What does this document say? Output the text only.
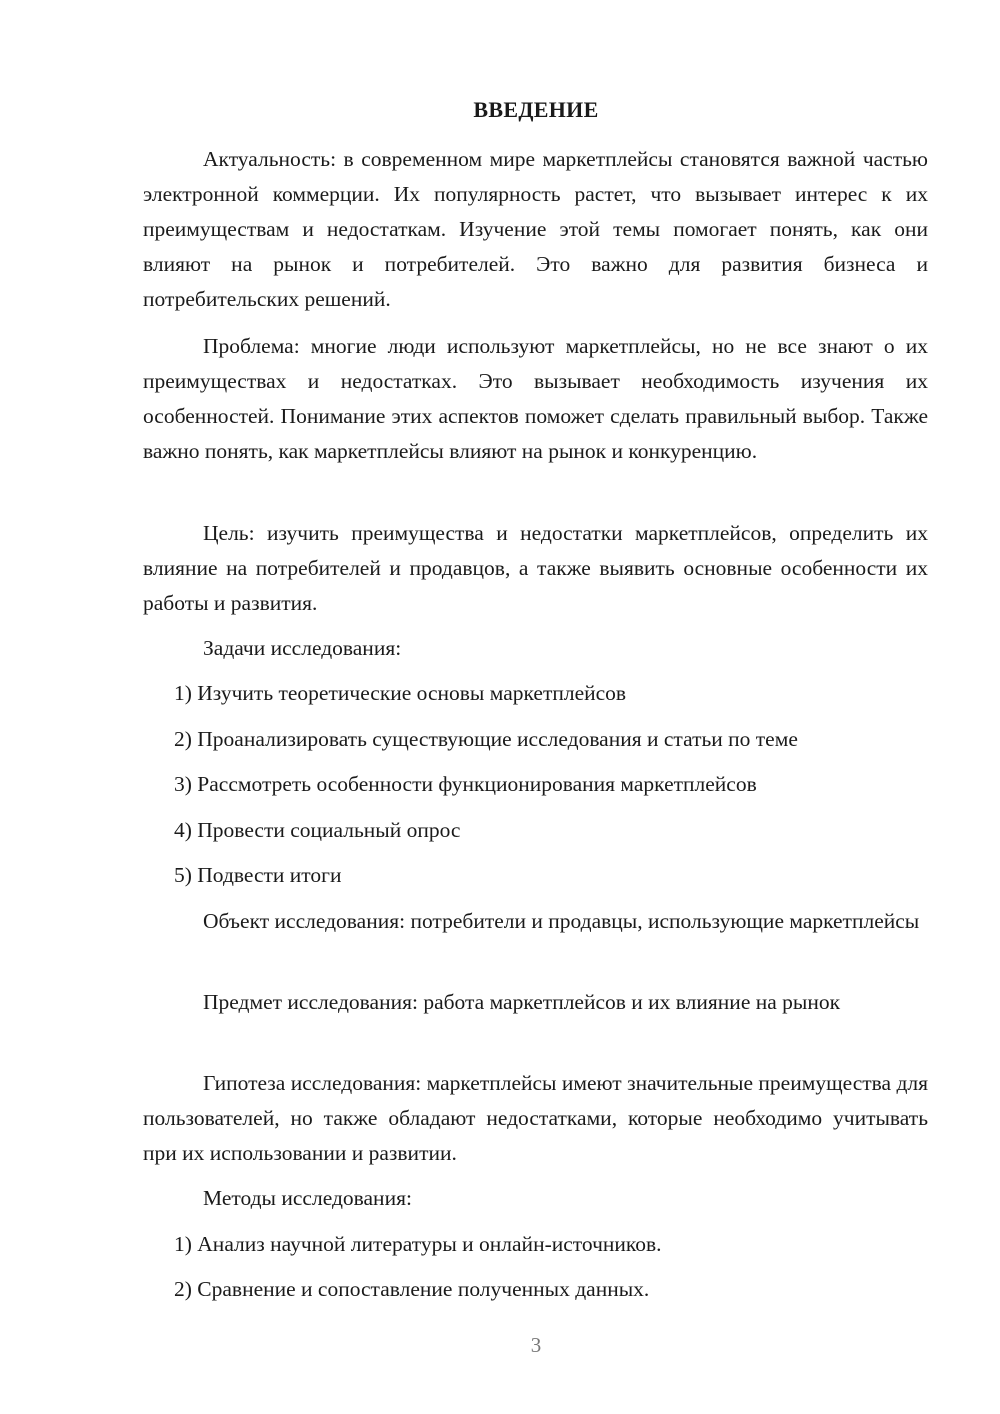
ВВЕДЕНИЕ
Актуальность: в современном мире маркетплейсы становятся важной частью электронной коммерции. Их популярность растет, что вызывает интерес к их преимуществам и недостаткам. Изучение этой темы помогает понять, как они влияют на рынок и потребителей. Это важно для развития бизнеса и потребительских решений.
Проблема: многие люди используют маркетплейсы, но не все знают о их преимуществах и недостатках. Это вызывает необходимость изучения их особенностей. Понимание этих аспектов поможет сделать правильный выбор. Также важно понять, как маркетплейсы влияют на рынок и конкуренцию.
Цель: изучить преимущества и недостатки маркетплейсов, определить их влияние на потребителей и продавцов, а также выявить основные особенности их работы и развития.
Задачи исследования:
1) Изучить теоретические основы маркетплейсов
2) Проанализировать существующие исследования и статьи по теме
3) Рассмотреть особенности функционирования маркетплейсов
4) Провести социальный опрос
5) Подвести итоги
Объект исследования: потребители и продавцы, использующие маркетплейсы
Предмет исследования: работа маркетплейсов и их влияние на рынок
Гипотеза исследования: маркетплейсы имеют значительные преимущества для пользователей, но также обладают недостатками, которые необходимо учитывать при их использовании и развитии.
Методы исследования:
1) Анализ научной литературы и онлайн-источников.
2) Сравнение и сопоставление полученных данных.
3
